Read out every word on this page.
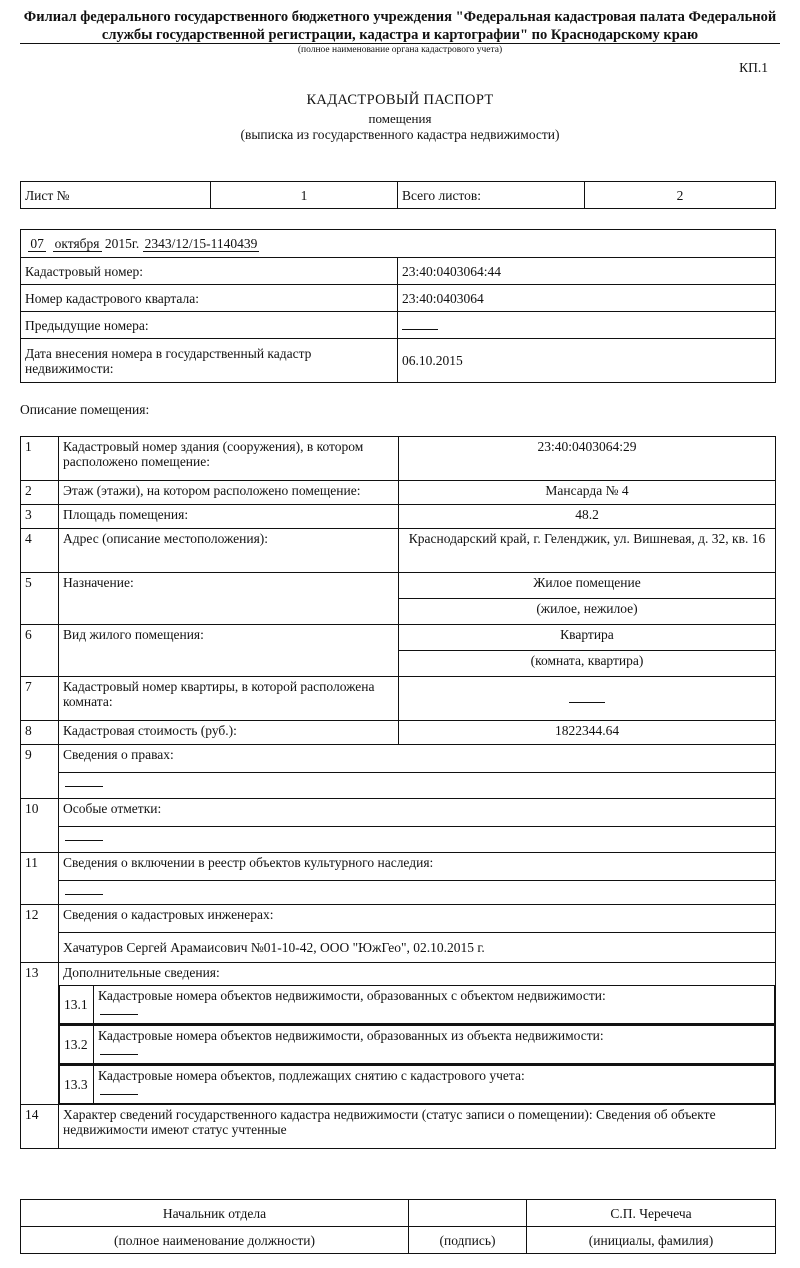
Филиал федерального государственного бюджетного учреждения "Федеральная кадастровая палата Федеральной службы государственной регистрации, кадастра и картографии" по Краснодарскому краю
(полное наименование органа кадастрового учета)
КП.1
КАДАСТРОВЫЙ ПАСПОРТ
помещения
(выписка из государственного кадастра недвижимости)
Лист №	1	Всего листов:	2
07 октября 2015г. 2343/12/15-1140439	
Кадастровый номер:	23:40:0403064:44
Номер кадастрового квартала:	23:40:0403064
Предыдущие номера:	
Дата внесения номера в государственный кадастр недвижимости:	06.10.2015
Описание помещения:
1	Кадастровый номер здания (сооружения), в котором расположено помещение:	23:40:0403064:29
2	Этаж (этажи), на котором расположено помещение:	Мансарда № 4
3	Площадь помещения:	48.2
4	Адрес (описание местоположения):	Краснодарский край, г. Геленджик, ул. Вишневая, д. 32, кв. 16
5	Назначение:	Жилое помещение
(жилое, нежилое)
6	Вид жилого помещения:	Квартира
(комната, квартира)
7	Кадастровый номер квартиры, в которой расположена комната:	
8	Кадастровая стоимость (руб.):	1822344.64
9	Сведения о правах:

10	Особые отметки:

11	Сведения о включении в реестр объектов культурного наследия:

12	Сведения о кадастровых инженерах:
Хачатуров Сергей Арамаисович №01-10-42, ООО "ЮжГео", 02.10.2015 г.
13	Дополнительные сведения:

13.1	
Кадастровые номера объектов недвижимости, образованных с объектом недвижимости:

13.2	
Кадастровые номера объектов недвижимости, образованных из объекта недвижимости:

13.3	
Кадастровые номера объектов, подлежащих снятию с кадастрового учета:

14	Характер сведений государственного кадастра недвижимости (статус записи о помещении): Сведения об объекте недвижимости имеют статус учтенные
Начальник отдела		С.П. Черечеча
(полное наименование должности)	(подпись)	(инициалы, фамилия)
